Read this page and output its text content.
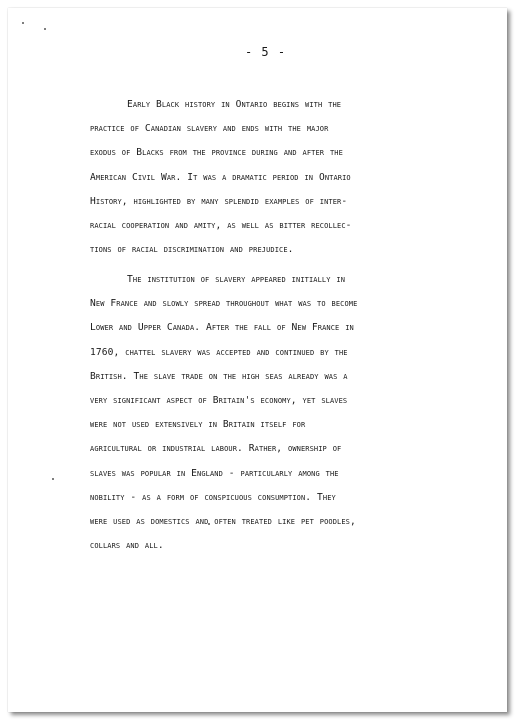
- 5 -
Early Black history in Ontario begins with the
practice of Canadian slavery and ends with the major
exodus of Blacks from the province during and after the
American Civil War. It was a dramatic period in Ontario
History, highlighted by many splendid examples of inter-
racial cooperation and amity, as well as bitter recollec-
tions of racial discrimination and prejudice.
The institution of slavery appeared initially in
New France and slowly spread throughout what was to become
Lower and Upper Canada. After the fall of New France in
1760, chattel slavery was accepted and continued by the
British. The slave trade on the high seas already was a
very significant aspect of Britain's economy, yet slaves
were not used extensively in Britain itself for
agricultural or industrial labour. Rather, ownership of
slaves was popular in England - particularly among the
nobility - as a form of conspicuous consumption. They
were used as domestics and often treated like pet poodles,
collars and all.
